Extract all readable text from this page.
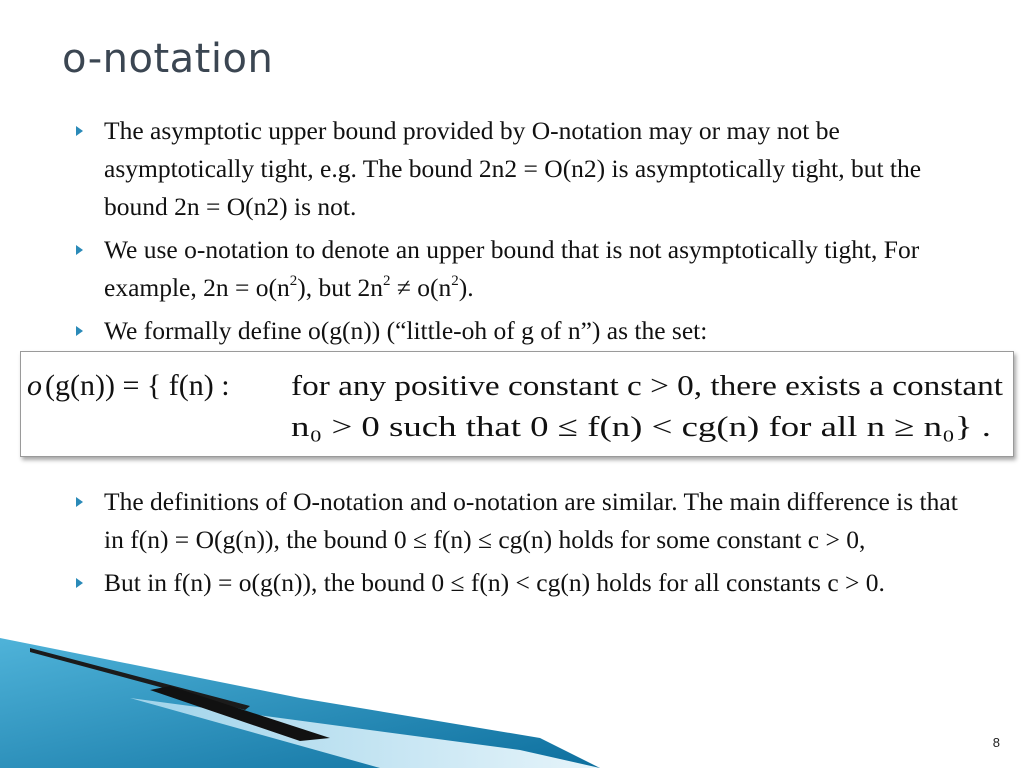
o-notation
The asymptotic upper bound provided by O-notation may or may not be asymptotically tight, e.g. The bound 2n2 = O(n2) is asymptotically tight, but the bound 2n = O(n2) is not.
We use o-notation to denote an upper bound that is not asymptotically tight, For example, $2n = o(n^2)$, but $2n^2 \ne o(n^2)$.
We formally define o(g(n)) (“little-oh of g of n”) as the set:
o (g(n)) = { f(n) : for any positive constant c > 0, there exists a constant
n₀ > 0 such that 0 ≤ f(n) < cg(n) for all n ≥ n₀} .
The definitions of O-notation and o-notation are similar. The main difference is that in f(n) = O(g(n)), the bound 0 ≤ f(n) ≤ cg(n) holds for some constant c > 0,
But in f(n) = o(g(n)), the bound 0 ≤ f(n) < cg(n) holds for all constants c > 0.
8
